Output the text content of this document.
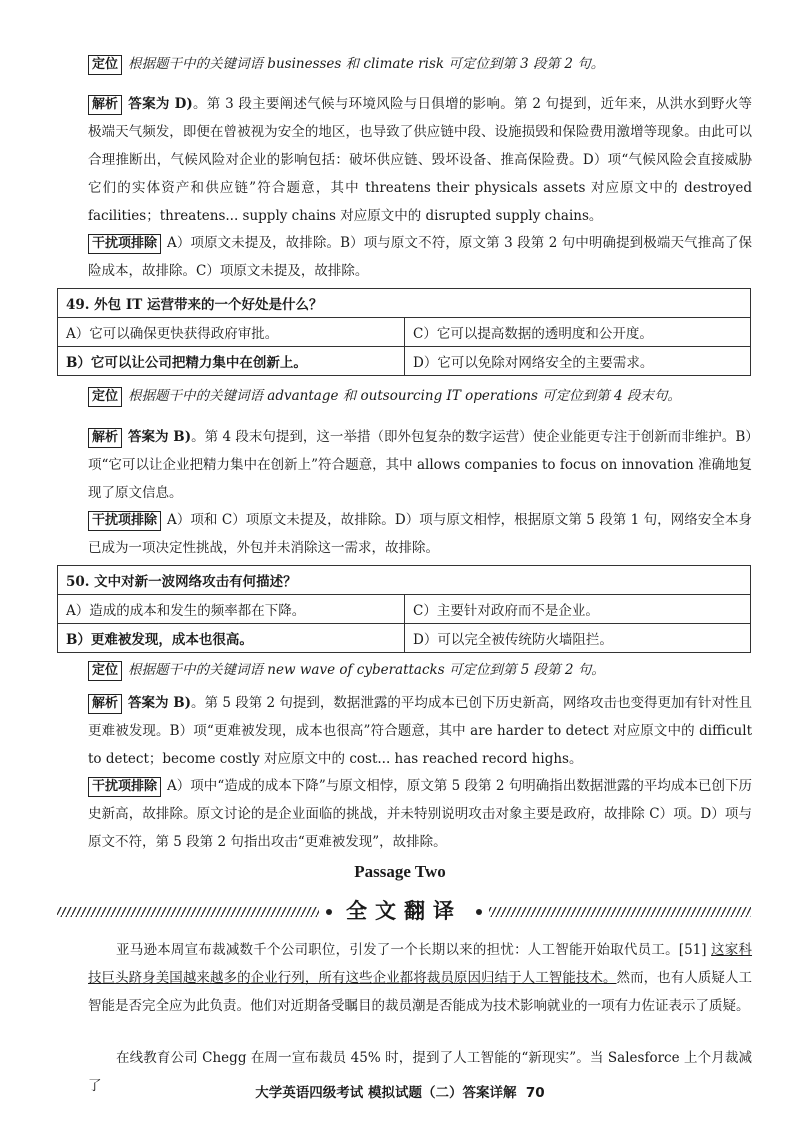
定位 根据题干中的关键词语 businesses 和 climate risk 可定位到第 3 段第 2 句。
解析 答案为 D)。第 3 段主要阐述气候与环境风险与日俱增的影响。第 2 句提到，近年来，从洪水到野火等极端天气频发，即便在曾被视为安全的地区，也导致了供应链中段、设施损毁和保险费用激增等现象。由此可以合理推断出，气候风险对企业的影响包括：破坏供应链、毁坏设备、推高保险费。D）项“气候风险会直接威胁它们的实体资产和供应链”符合题意，其中 threatens their physicals assets 对应原文中的 destroyed facilities；threatens... supply chains 对应原文中的 disrupted supply chains。
干扰项排除 A）项原文未提及，故排除。B）项与原文不符，原文第 3 段第 2 句中明确提到极端天气推高了保险成本，故排除。C）项原文未提及，故排除。
49. 外包 IT 运营带来的一个好处是什么？	
A）它可以确保更快获得政府审批。	C）它可以提高数据的透明度和公开度。
B）它可以让公司把精力集中在创新上。	D）它可以免除对网络安全的主要需求。
定位 根据题干中的关键词语 advantage 和 outsourcing IT operations 可定位到第 4 段末句。
解析 答案为 B)。第 4 段末句提到，这一举措（即外包复杂的数字运营）使企业能更专注于创新而非维护。B）项“它可以让企业把精力集中在创新上”符合题意，其中 allows companies to focus on innovation 准确地复现了原文信息。
干扰项排除 A）项和 C）项原文未提及，故排除。D）项与原文相悖，根据原文第 5 段第 1 句，网络安全本身已成为一项决定性挑战，外包并未消除这一需求，故排除。
50. 文中对新一波网络攻击有何描述？	
A）造成的成本和发生的频率都在下降。	C）主要针对政府而不是企业。
B）更难被发现，成本也很高。	D）可以完全被传统防火墙阻拦。
定位 根据题干中的关键词语 new wave of cyberattacks 可定位到第 5 段第 2 句。
解析 答案为 B)。第 5 段第 2 句提到，数据泄露的平均成本已创下历史新高，网络攻击也变得更加有针对性且更难被发现。B）项“更难被发现，成本也很高”符合题意，其中 are harder to detect 对应原文中的 difficult to detect；become costly 对应原文中的 cost... has reached record highs。
干扰项排除 A）项中“造成的成本下降”与原文相悖，原文第 5 段第 2 句明确指出数据泄露的平均成本已创下历史新高，故排除。原文讨论的是企业面临的挑战，并未特别说明攻击对象主要是政府，故排除 C）项。D）项与原文不符，第 5 段第 2 句指出攻击“更难被发现”，故排除。
Passage Two
全文翻译
亚马逊本周宣布裁减数千个公司职位，引发了一个长期以来的担忧：人工智能开始取代员工。[51] 这家科技巨头跻身美国越来越多的企业行列，所有这些企业都将裁员原因归结于人工智能技术。然而，也有人质疑人工智能是否完全应为此负责。他们对近期备受瞩目的裁员潮是否能成为技术影响就业的一项有力佐证表示了质疑。
在线教育公司 Chegg 在周一宣布裁员 45% 时，提到了人工智能的“新现实”。当 Salesforce 上个月裁减了	大学英语四级考试 模拟试题（二）答案详解 70
